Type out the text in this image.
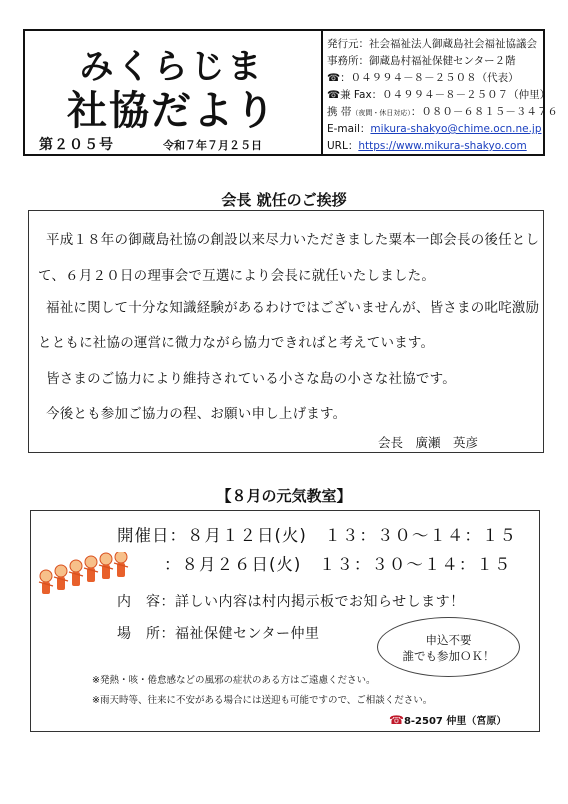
みくらじま
社協だより
第２０５号	令和７年７月２５日
発行元：社会福祉法人御蔵島社会福祉協議会
事務所：御蔵島村福祉保健センター２階
☎：０４９９４－８－２５０８（代表）
☎兼 Fax：０４９９４－８－２５０７（仲里）
携 帯（夜間・休日対応）：０８０－６８１５－３４７６
E-mail：mikura-shakyo@chime.ocn.ne.jp
URL：https://www.mikura-shakyo.com
会長 就任のご挨拶
平成１８年の御蔵島社協の創設以来尽力いただきました粟本一郎会長の後任とし
て、６月２０日の理事会で互選により会長に就任いたしました。
福祉に関して十分な知識経験があるわけではございませんが、皆さまの叱咤激励
とともに社協の運営に微力ながら協力できればと考えています。
皆さまのご協力により維持されている小さな島の小さな社協です。
今後とも参加ご協力の程、お願い申し上げます。
会長　廣瀬　英彦
【８月の元気教室】
開催日：８月１２日(火)　１３：３０～１４：１５
：８月２６日(火)　１３：３０～１４：１５
内　容：詳しい内容は村内掲示板でお知らせします！
場　所：福祉保健センター仲里	申込不要
誰でも参加ＯＫ！
※発熱・咳・倦怠感などの風邪の症状のある方はご遠慮ください。
※雨天時等、往来に不安がある場合には送迎も可能ですので、ご相談ください。
☎8-2507 仲里（宮原）
